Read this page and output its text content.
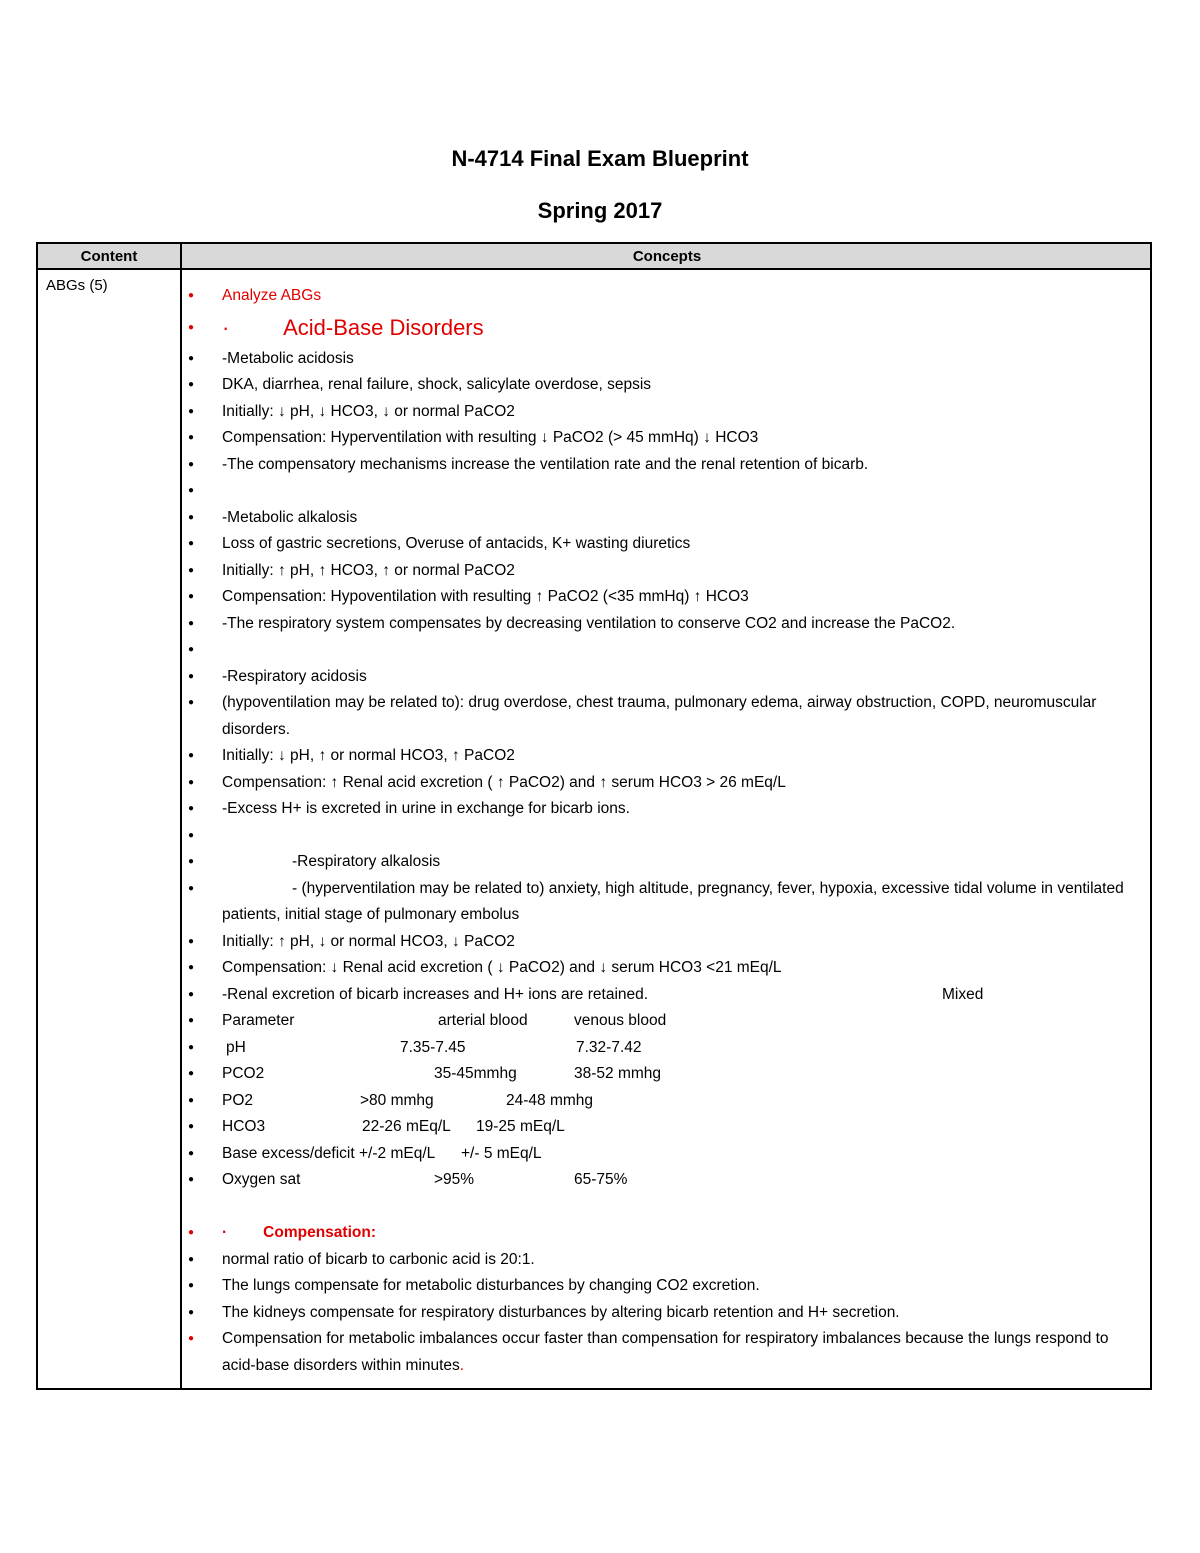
N-4714 Final Exam Blueprint
Spring 2017
Content	Concepts
ABGs (5)
● Analyze ABGs
● ·         Acid-Base Disorders
● -Metabolic acidosis
● DKA, diarrhea, renal failure, shock, salicylate overdose, sepsis
● Initially: ↓ pH, ↓ HCO3, ↓ or normal PaCO2
● Compensation: Hyperventilation with resulting ↓ PaCO2 (> 45 mmHq) ↓ HCO3
● -The compensatory mechanisms increase the ventilation rate and the renal retention of bicarb.
●
● -Metabolic alkalosis
● Loss of gastric secretions, Overuse of antacids, K+ wasting diuretics
● Initially: ↑ pH, ↑ HCO3, ↑ or normal PaCO2
● Compensation: Hypoventilation with resulting ↑ PaCO2 (<35 mmHq) ↑ HCO3
● -The respiratory system compensates by decreasing ventilation to conserve CO2 and increase the PaCO2.
●
● -Respiratory acidosis
● (hypoventilation may be related to): drug overdose, chest trauma, pulmonary edema, airway obstruction, COPD, neuromuscular disorders.
● Initially: ↓ pH, ↑ or normal HCO3, ↑ PaCO2
● Compensation: ↑ Renal acid excretion ( ↑ PaCO2) and ↑ serum HCO3 > 26 mEq/L
● -Excess H+ is excreted in urine in exchange for bicarb ions.
●
● -Respiratory alkalosis
● - (hyperventilation may be related to) anxiety, high altitude, pregnancy, fever, hypoxia, excessive tidal volume in ventilated patients, initial stage of pulmonary embolus
● Initially: ↑ pH, ↓ or normal HCO3, ↓ PaCO2
● Compensation: ↓ Renal acid excretion ( ↓ PaCO2) and ↓ serum HCO3 <21 mEq/L
● -Renal excretion of bicarb increases and H+ ions are retained.	Mixed
● Parameter	arterial blood	venous blood
● pH	7.35-7.45	7.32-7.42
● PCO2	35-45mmhg	38-52 mmhg
● PO2	>80 mmhg	24-48 mmhg
● HCO3	22-26 mEq/L 19-25 mEq/L
● Base excess/deficit +/-2 mEq/L +/- 5 mEq/L
● Oxygen sat	>95%	65-75%
● · Compensation:
● normal ratio of bicarb to carbonic acid is 20:1.
● The lungs compensate for metabolic disturbances by changing CO2 excretion.
● The kidneys compensate for respiratory disturbances by altering bicarb retention and H+ secretion.
● Compensation for metabolic imbalances occur faster than compensation for respiratory imbalances because the lungs respond to acid-base disorders within minutes.
